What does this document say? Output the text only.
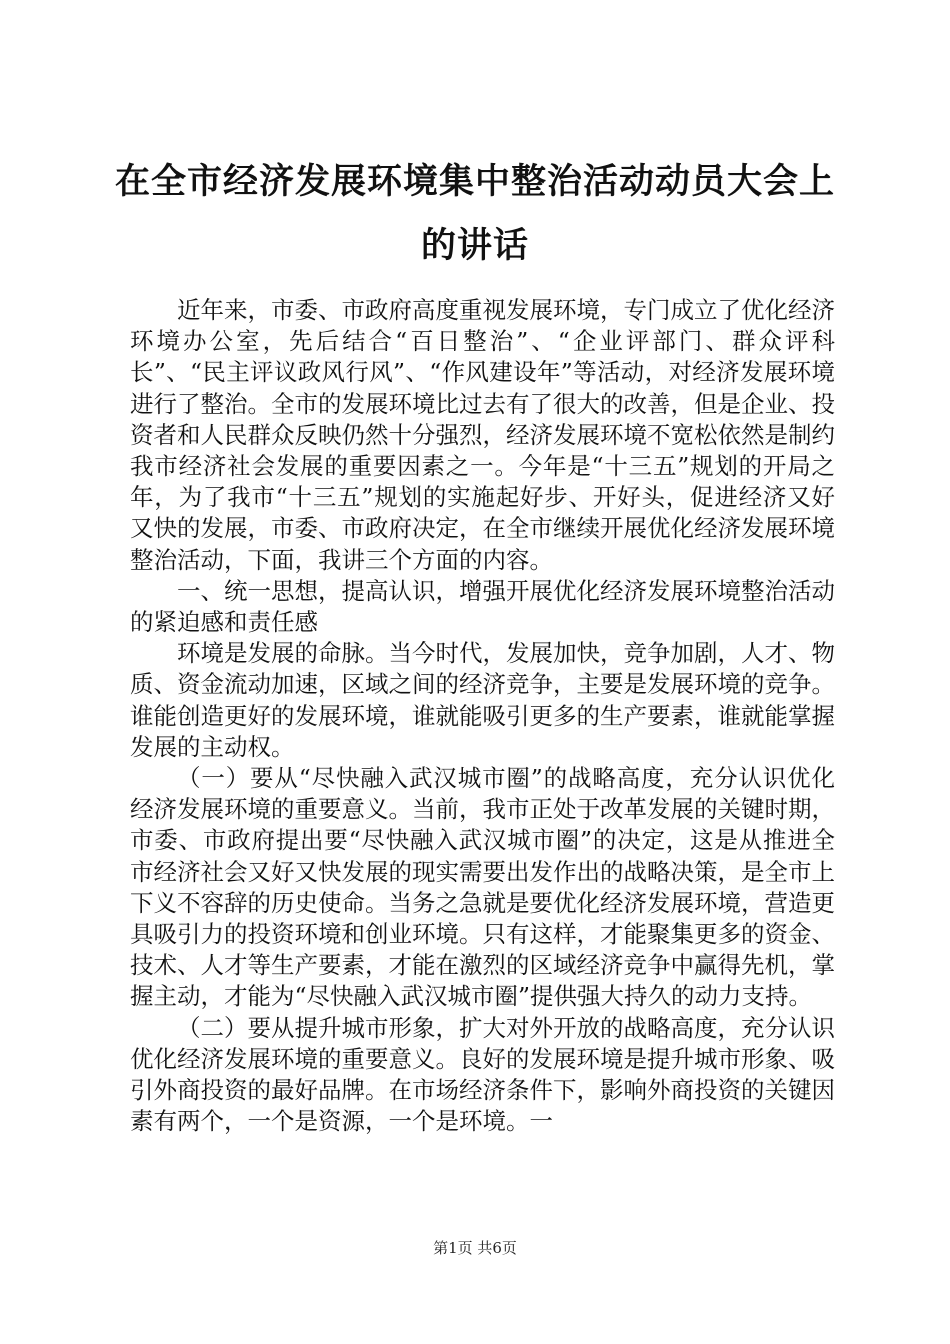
在全市经济发展环境集中整治活动动员大会上的讲话

近年来，市委、市政府高度重视发展环境，专门成立了优化经济环境办公室，先后结合“百日整治”、“企业评部门、群众评科长”、“民主评议政风行风”、“作风建设年”等活动，对经济发展环境进行了整治。全市的发展环境比过去有了很大的改善，但是企业、投资者和人民群众反映仍然十分强烈，经济发展环境不宽松依然是制约我市经济社会发展的重要因素之一。今年是“十三五”规划的开局之年，为了我市“十三五”规划的实施起好步、开好头，促进经济又好又快的发展，市委、市政府决定，在全市继续开展优化经济发展环境整治活动，下面，我讲三个方面的内容。

一、统一思想，提高认识，增强开展优化经济发展环境整治活动的紧迫感和责任感

环境是发展的命脉。当今时代，发展加快，竞争加剧，人才、物质、资金流动加速，区域之间的经济竞争，主要是发展环境的竞争。谁能创造更好的发展环境，谁就能吸引更多的生产要素，谁就能掌握发展的主动权。

（一）要从“尽快融入武汉城市圈”的战略高度，充分认识优化经济发展环境的重要意义。当前，我市正处于改革发展的关键时期，市委、市政府提出要“尽快融入武汉城市圈”的决定，这是从推进全市经济社会又好又快发展的现实需要出发作出的战略决策，是全市上下义不容辞的历史使命。当务之急就是要优化经济发展环境，营造更具吸引力的投资环境和创业环境。只有这样，才能聚集更多的资金、技术、人才等生产要素，才能在激烈的区域经济竞争中赢得先机，掌握主动，才能为“尽快融入武汉城市圈”提供强大持久的动力支持。

（二）要从提升城市形象，扩大对外开放的战略高度，充分认识优化经济发展环境的重要意义。良好的发展环境是提升城市形象、吸引外商投资的最好品牌。在市场经济条件下，影响外商投资的关键因素有两个，一个是资源，一个是环境。一

第1页 共6页
